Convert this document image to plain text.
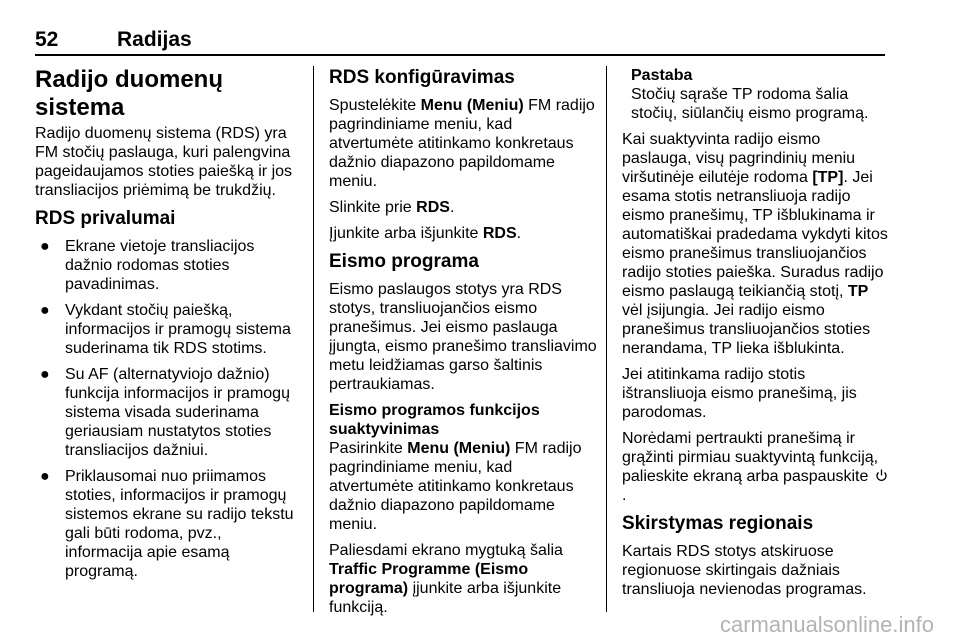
52	Radijas
Radijo duomenų sistema

Radijo duomenų sistema (RDS) yra FM stočių paslauga, kuri palengvina pageidaujamos stoties paiešką ir jos transliacijos priėmimą be trukdžių.

RDS privalumai
● Ekrane vietoje transliacijos dažnio rodomas stoties pavadinimas.
● Vykdant stočių paiešką, informacijos ir pramogų sistema suderinama tik RDS stotims.
● Su AF (alternatyviojo dažnio) funkcija informacijos ir pramogų sistema visada suderinama geriausiam nustatytos stoties transliacijos dažniui.
● Priklausomai nuo priimamos stoties, informacijos ir pramogų sistemos ekrane su radijo tekstu gali būti rodoma, pvz., informacija apie esamą programą.
RDS konfigūravimas

Spustelėkite Menu (Meniu) FM radijo pagrindiniame meniu, kad atvertumėte atitinkamo konkretaus dažnio diapazono papildomame meniu.

Slinkite prie RDS.

Įjunkite arba išjunkite RDS.

Eismo programa

Eismo paslaugos stotys yra RDS stotys, transliuojančios eismo pranešimus. Jei eismo paslauga įjungta, eismo pranešimo transliavimo metu leidžiamas garso šaltinis pertraukiamas.

Eismo programos funkcijos suaktyvinimas

Pasirinkite Menu (Meniu) FM radijo pagrindiniame meniu, kad atvertumėte atitinkamo konkretaus dažnio diapazono papildomame meniu.

Paliesdami ekrano mygtuką šalia Traffic Programme (Eismo programa) įjunkite arba išjunkite funkciją.

Pastaba
Stočių sąraše TP rodoma šalia stočių, siūlančių eismo programą.

Kai suaktyvinta radijo eismo paslauga, visų pagrindinių meniu viršutinėje eilutėje rodoma [TP]. Jei esama stotis netransliuoja radijo eismo pranešimų, TP išblukinama ir automatiškai pradedama vykdyti kitos eismo pranešimus transliuojančios radijo stoties paieška. Suradus radijo eismo paslaugą teikiančią stotį, TP vėl įsijungia. Jei radijo eismo pranešimus transliuojančios stoties nerandama, TP lieka išblukinta.

Jei atitinkama radijo stotis ištransliuoja eismo pranešimą, jis parodomas.

Norėdami pertraukti pranešimą ir grąžinti pirmiau suaktyvintą funkciją, palieskite ekraną arba paspauskite .

Skirstymas regionais

Kartais RDS stotys atskiruose regionuose skirtingais dažniais transliuoja nevienodas programas.

carmanualsonline.info
